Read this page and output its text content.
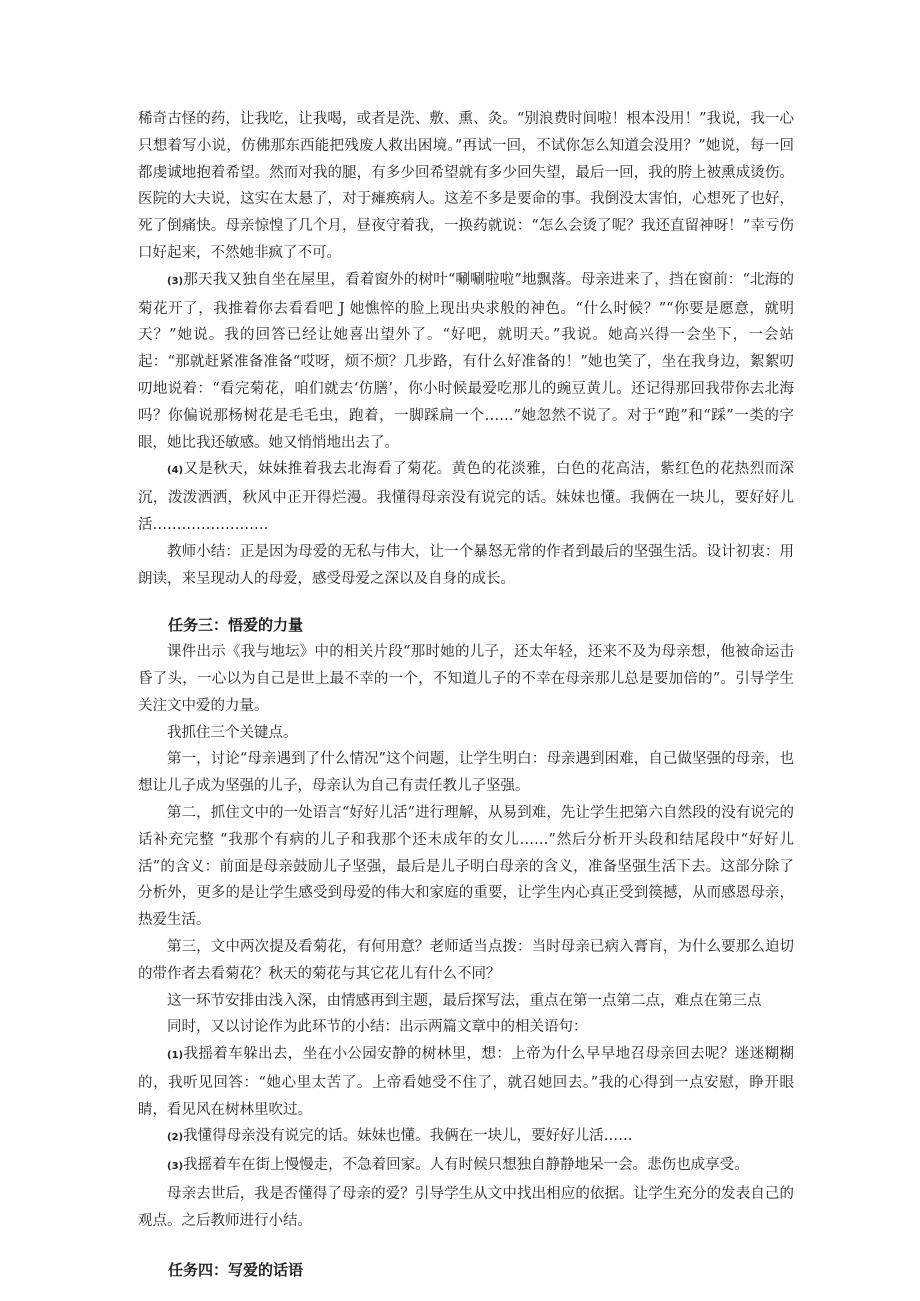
稀奇古怪的药，让我吃，让我喝，或者是洗、敷、熏、灸。“别浪费时间啦！根本没用！”我说，我一心只想着写小说，仿佛那东西能把残废人救出困境。”再试一回，不试你怎么知道会没用？”她说，每一回都虔诚地抱着希望。然而对我的腿，有多少回希望就有多少回失望，最后一回，我的胯上被熏成烫伤。医院的大夫说，这实在太悬了，对于瘫痪病人。这差不多是要命的事。我倒没太害怕，心想死了也好，死了倒痛快。母亲惊惶了几个月，昼夜守着我，一换药就说：“怎么会烫了呢？我还直留神呀！”幸亏伤口好起来，不然她非疯了不可。

(3)那天我又独自坐在屋里，看着窗外的树叶“唰唰啦啦”地飘落。母亲进来了，挡在窗前：“北海的菊花开了，我推着你去看看吧 J 她憔悴的脸上现出央求般的神色。“什么时候？”“你要是愿意，就明天？”她说。我的回答已经让她喜出望外了。“好吧，就明天。”我说。她高兴得一会坐下，一会站起：“那就赶紧准备准备“哎呀，烦不烦？几步路，有什么好准备的！”她也笑了，坐在我身边，絮絮叨叨地说着：“看完菊花，咱们就去‘仿膳’，你小时候最爱吃那儿的豌豆黄儿。还记得那回我带你去北海吗？你偏说那杨树花是毛毛虫，跑着，一脚踩扁一个……”她忽然不说了。对于“跑”和“踩”一类的字眼，她比我还敏感。她又悄悄地出去了。

(4)又是秋天，妹妹推着我去北海看了菊花。黄色的花淡雅，白色的花高洁，紫红色的花热烈而深沉，泼泼洒洒，秋风中正开得烂漫。我懂得母亲没有说完的话。妹妹也懂。我俩在一块儿，要好好儿活……………………

教师小结：正是因为母爱的无私与伟大，让一个暴怒无常的作者到最后的坚强生活。设计初衷：用朗读，来呈现动人的母爱，感受母爱之深以及自身的成长。

任务三：悟爱的力量

课件出示《我与地坛》中的相关片段“那时她的儿子，还太年轻，还来不及为母亲想，他被命运击昏了头，一心以为自己是世上最不幸的一个，不知道儿子的不幸在母亲那儿总是要加倍的”。引导学生关注文中爱的力量。

我抓住三个关键点。

第一，讨论“母亲遇到了什么情况”这个问题，让学生明白：母亲遇到困难，自己做坚强的母亲，也想让儿子成为坚强的儿子，母亲认为自己有责任教儿子坚强。

第二，抓住文中的一处语言“好好儿活”进行理解，从易到难，先让学生把第六自然段的没有说完的话补充完整 “我那个有病的儿子和我那个还未成年的女儿……”然后分析开头段和结尾段中“好好儿活”的含义：前面是母亲鼓励儿子坚强，最后是儿子明白母亲的含义，准备坚强生活下去。这部分除了分析外，更多的是让学生感受到母爱的伟大和家庭的重要，让学生内心真正受到篌撼，从而感恩母亲，热爱生活。

第三，文中两次提及看菊花，有何用意？老师适当点拨：当时母亲已病入膏肓，为什么要那么迫切的带作者去看菊花？秋天的菊花与其它花儿有什么不同？

这一环节安排由浅入深，由情感再到主题，最后探写法，重点在第一点第二点，难点在第三点

同时，又以讨论作为此环节的小结：出示两篇文章中的相关语句：

(1)我摇着车躲出去，坐在小公园安静的树林里，想：上帝为什么早早地召母亲回去呢？迷迷糊糊的，我听见回答：“她心里太苦了。上帝看她受不住了，就召她回去。”我的心得到一点安慰，睁开眼睛，看见风在树林里吹过。

(2)我懂得母亲没有说完的话。妹妹也懂。我俩在一块儿，要好好儿活……

(3)我摇着车在街上慢慢走，不急着回家。人有时候只想独自静静地呆一会。悲伤也成享受。

母亲去世后，我是否懂得了母亲的爱？引导学生从文中找出相应的依据。让学生充分的发表自己的观点。之后教师进行小结。

任务四：写爱的话语
